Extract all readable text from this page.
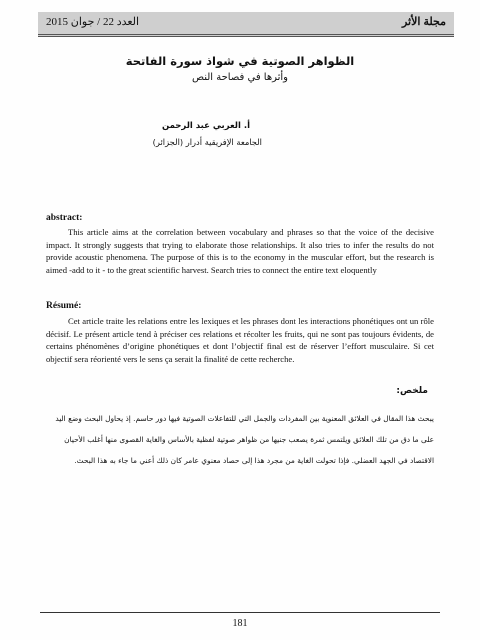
مجلة الأثر
العدد 22 / جوان 2015
الظواهر الصوتية في شواذ سورة الفاتحة
وأثرها في فصاحة النص
أ. العربي عبد الرحمن
الجامعة الإفريقية أدرار (الجزائر)
abstract:

This article aims at the correlation between vocabulary and phrases so that the voice of the decisive impact. It strongly suggests that trying to elaborate those relationships. It also tries to infer the results do not provide acoustic phenomena. The purpose of this is to the economy in the muscular effort, but the research is aimed -add to it - to the great scientific harvest. Search tries to connect the entire text eloquently

Résumé:

Cet article traite les relations entre les lexiques et les phrases dont les interactions phonétiques ont un rôle décisif. Le présent article tend à préciser ces relations et récolter les fruits, qui ne sont pas toujours évidents, de certains phénomènes d’origine phonétiques et dont l’objectif final est de réserver l’effort musculaire. Si cet objectif sera réorienté vers le sens ça serait la finalité de cette recherche.

ملخص:

يبحث هذا المقال في العلائق المعنوية بين المفردات والجمل التي للتفاعلات الصوتية فيها دور حاسم. إذ يحاول البحث وضع اليد على ما دق من تلك العلائق ويلتمس ثمرة يصعب جنيها من ظواهر صوتية لفظية بالأساس والغاية القصوى منها أغلب الأحيان الاقتصاد في الجهد العضلي. فإذا تحولت الغاية من مجرد هذا إلى حصاد معنوي عامر كان ذلك أعني ما جاء به هذا البحث.

181
